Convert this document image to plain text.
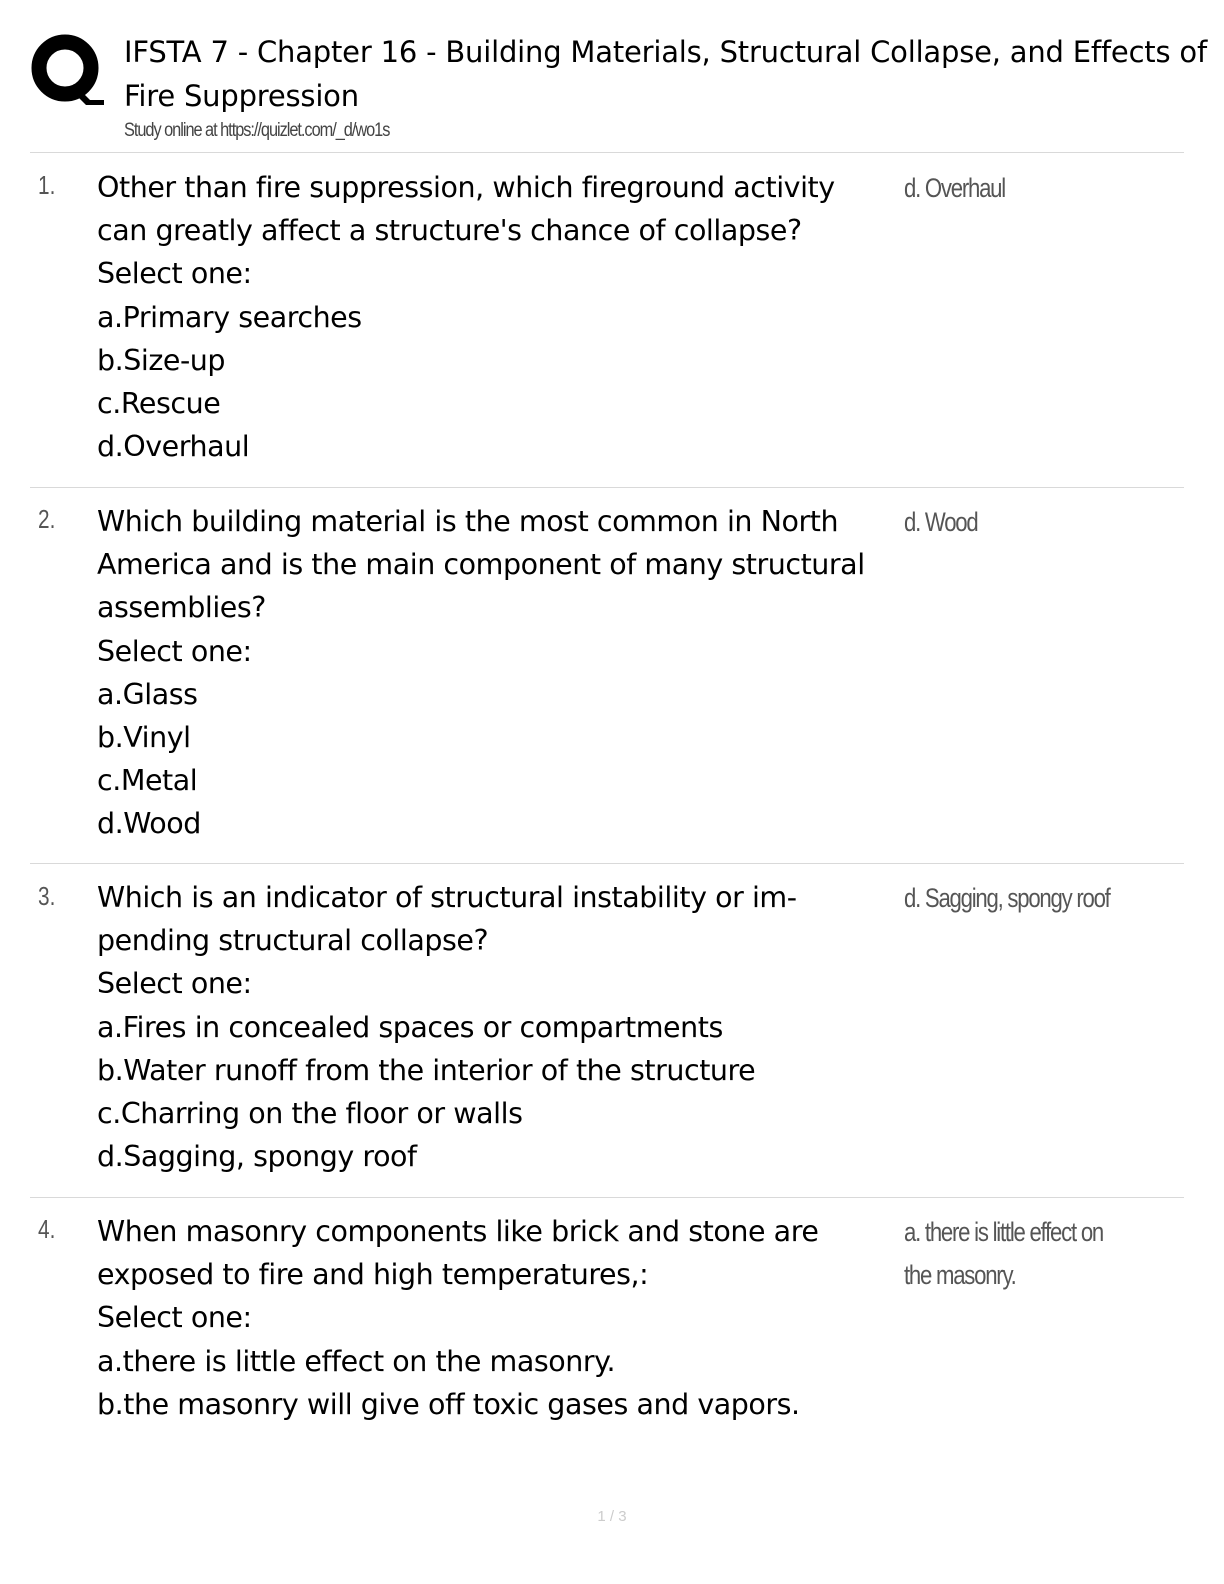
IFSTA 7 - Chapter 16 - Building Materials, Structural Collapse, and Effects of
Fire Suppression
Study online at https://quizlet.com/_d/wo1s
1. Other than fire suppression, which fireground activity
can greatly affect a structure's chance of collapse?
Select one:
a.Primary searches
b.Size-up
c.Rescue
d.Overhaul
d. Overhaul
2. Which building material is the most common in North
America and is the main component of many structural
assemblies?
Select one:
a.Glass
b.Vinyl
c.Metal
d.Wood
d. Wood
3. Which is an indicator of structural instability or im-
pending structural collapse?
Select one:
a.Fires in concealed spaces or compartments
b.Water runoff from the interior of the structure
c.Charring on the floor or walls
d.Sagging, spongy roof
d. Sagging, spongy roof
4. When masonry components like brick and stone are
exposed to fire and high temperatures,:
Select one:
a.there is little effect on the masonry.
b.the masonry will give off toxic gases and vapors.
a. there is little effect on
the masonry.
1 / 3
